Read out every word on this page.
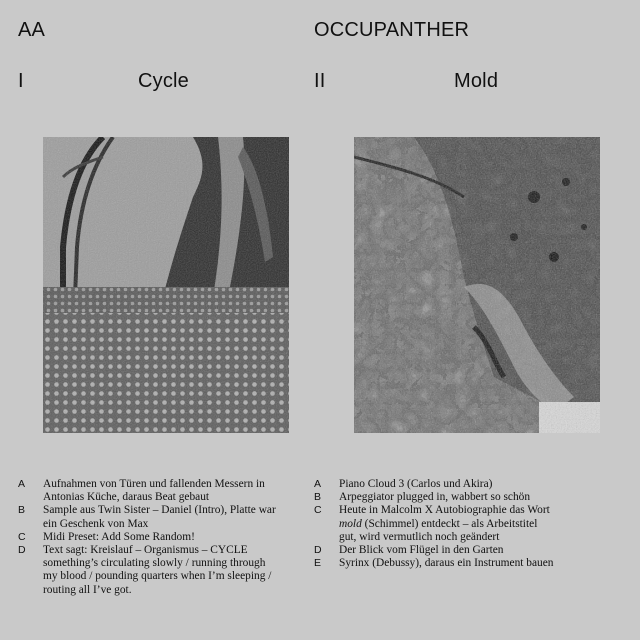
AA	OCCUPANTHER
I	Cycle	II	Mold
A	Aufnahmen von Türen und fallenden Messern in
Antonias Küche, daraus Beat gebaut
B	Sample aus Twin Sister – Daniel (Intro), Platte war
ein Geschenk von Max
C	Midi Preset: Add Some Random!
D	Text sagt: Kreislauf – Organismus – CYCLE
something’s circulating slowly / running through
my blood / pounding quarters when I’m sleeping /
routing all I’ve got.
A	Piano Cloud 3 (Carlos und Akira)
B	Arpeggiator plugged in, wabbert so schön
C	Heute in Malcolm X Autobiographie das Wort
mold (Schimmel) entdeckt – als Arbeitstitel
gut, wird vermutlich noch geändert
D	Der Blick vom Flügel in den Garten
E	Syrinx (Debussy), daraus ein Instrument bauen
